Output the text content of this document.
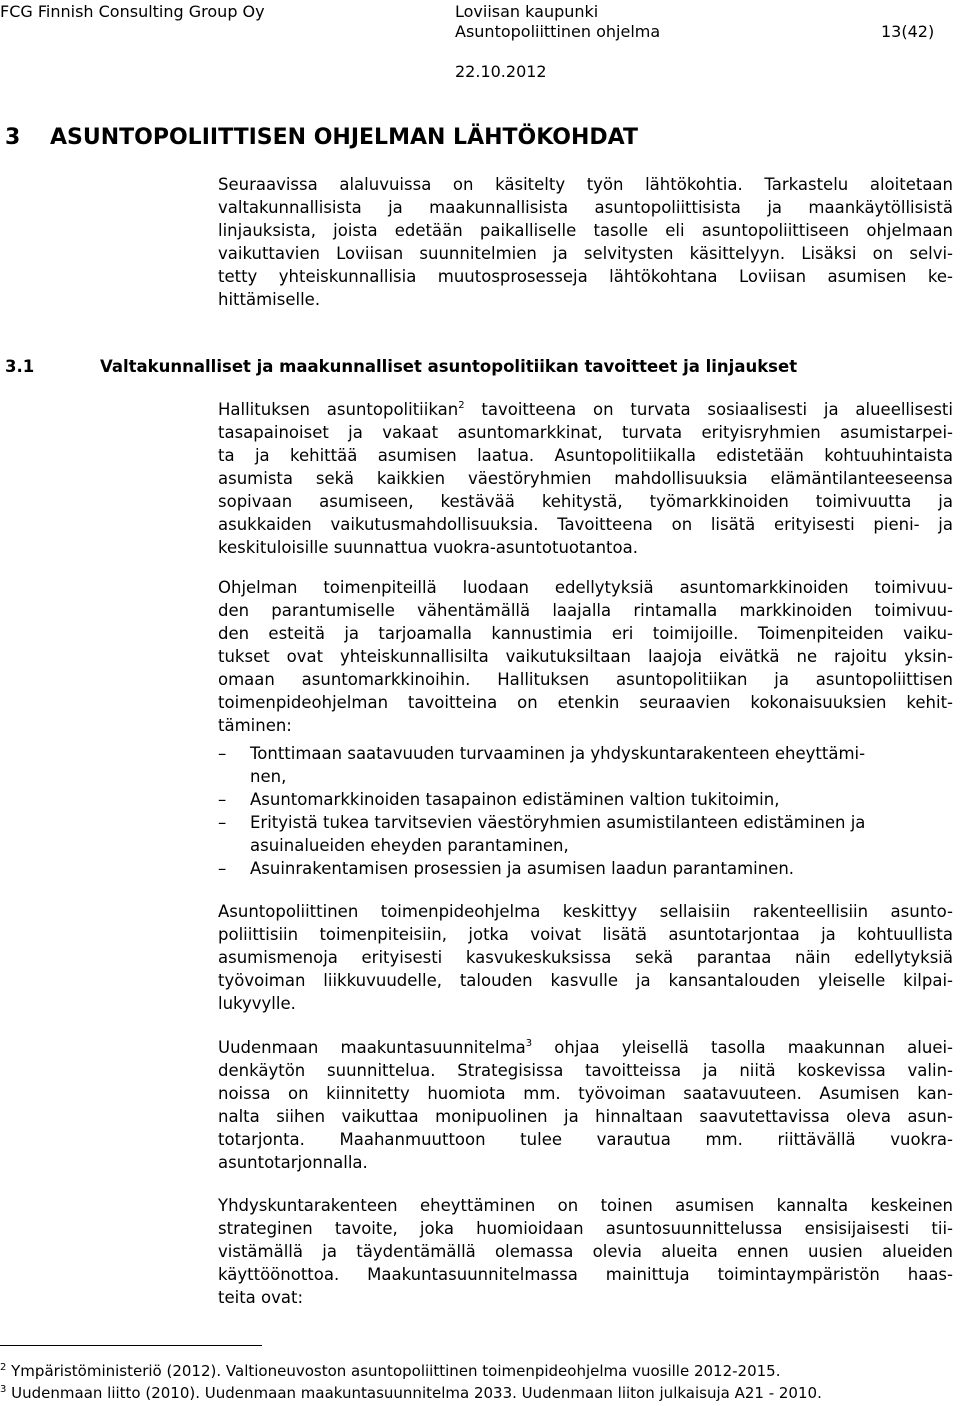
FCG Finnish Consulting Group Oy	Loviisan kaupunki
Asuntopoliittinen ohjelma	13(42)
22.10.2012
3 ASUNTOPOLIITTISEN OHJELMAN LÄHTÖKOHDAT
Seuraavissa alaluvuissa on käsitelty työn lähtökohtia. Tarkastelu aloitetaan
valtakunnallisista ja maakunnallisista asuntopoliittisista ja maankäytöllisistä
linjauksista, joista edetään paikalliselle tasolle eli asuntopoliittiseen ohjelmaan
vaikuttavien Loviisan suunnitelmien ja selvitysten käsittelyyn. Lisäksi on selvi-
tetty yhteiskunnallisia muutosprosesseja lähtökohtana Loviisan asumisen ke-
hittämiselle.
3.1	Valtakunnalliset ja maakunnalliset asuntopolitiikan tavoitteet ja linjaukset
Hallituksen asuntopolitiikan$^2$ tavoitteena on turvata sosiaalisesti ja alueellisesti
tasapainoiset ja vakaat asuntomarkkinat, turvata erityisryhmien asumistarpei-
ta ja kehittää asumisen laatua. Asuntopolitiikalla edistetään kohtuuhintaista
asumista sekä kaikkien väestöryhmien mahdollisuuksia elämäntilanteeseensa
sopivaan asumiseen, kestävää kehitystä, työmarkkinoiden toimivuutta ja
asukkaiden vaikutusmahdollisuuksia. Tavoitteena on lisätä erityisesti pieni- ja
keskituloisille suunnattua vuokra-asuntotuotantoa.
Ohjelman toimenpiteillä luodaan edellytyksiä asuntomarkkinoiden toimivuu-
den parantumiselle vähentämällä laajalla rintamalla markkinoiden toimivuu-
den esteitä ja tarjoamalla kannustimia eri toimijoille. Toimenpiteiden vaiku-
tukset ovat yhteiskunnallisilta vaikutuksiltaan laajoja eivätkä ne rajoitu yksin-
omaan asuntomarkkinoihin. Hallituksen asuntopolitiikan ja asuntopoliittisen
toimenpideohjelman tavoitteina on etenkin seuraavien kokonaisuuksien kehit-
täminen:
– Tonttimaan saatavuuden turvaaminen ja yhdyskuntarakenteen eheyttämi-
nen,
– Asuntomarkkinoiden tasapainon edistäminen valtion tukitoimin,
– Erityistä tukea tarvitsevien väestöryhmien asumistilanteen edistäminen ja
asuinalueiden eheyden parantaminen,
– Asuinrakentamisen prosessien ja asumisen laadun parantaminen.
Asuntopoliittinen toimenpideohjelma keskittyy sellaisiin rakenteellisiin asunto-
poliittisiin toimenpiteisiin, jotka voivat lisätä asuntotarjontaa ja kohtuullista
asumismenoja erityisesti kasvukeskuksissa sekä parantaa näin edellytyksiä
työvoiman liikkuvuudelle, talouden kasvulle ja kansantalouden yleiselle kilpai-
lukyvylle.
Uudenmaan maakuntasuunnitelma$^3$ ohjaa yleisellä tasolla maakunnan aluei-
denkäytön suunnittelua. Strategisissa tavoitteissa ja niitä koskevissa valin-
noissa on kiinnitetty huomiota mm. työvoiman saatavuuteen. Asumisen kan-
nalta siihen vaikuttaa monipuolinen ja hinnaltaan saavutettavissa oleva asun-
totarjonta. Maahanmuuttoon tulee varautua mm. riittävällä vuokra-
asuntotarjonnalla.
Yhdyskuntarakenteen eheyttäminen on toinen asumisen kannalta keskeinen
strateginen tavoite, joka huomioidaan asuntosuunnittelussa ensisijaisesti tii-
vistämällä ja täydentämällä olemassa olevia alueita ennen uusien alueiden
käyttöönottoa. Maakuntasuunnitelmassa mainittuja toimintaympäristön haas-
teita ovat:
$^2$ Ympäristöministeriö (2012). Valtioneuvoston asuntopoliittinen toimenpideohjelma vuosille 2012-2015.
$^3$ Uudenmaan liitto (2010). Uudenmaan maakuntasuunnitelma 2033. Uudenmaan liiton julkaisuja A21 - 2010.
